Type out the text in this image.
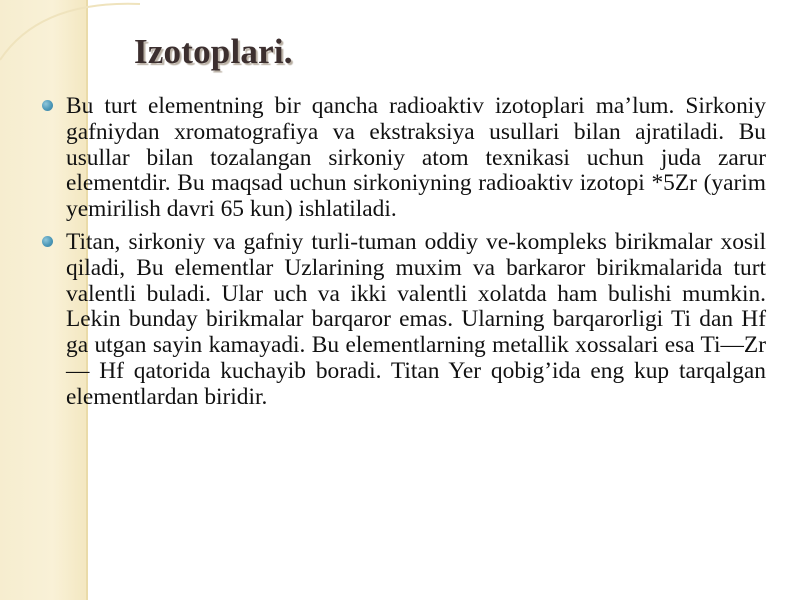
Izotoplari.

Bu turt elementning bir qancha radioaktiv izotoplari ma’lum. Sirkoniy gafniydan xromatografiya va ekstraksiya usullari bilan ajratiladi. Bu usullar bilan tozalangan sirkoniy atom texnikasi uchun juda zarur elementdir. Bu maqsad uchun sirkoniyning radioaktiv izotopi *5Zr (yarim yemirilish davri 65 kun) ishlatiladi.

Titan, sirkoniy va gafniy turli-tuman oddiy ve-kompleks birikmalar xosil qiladi, Bu elementlar Uzlarining muxim va barkaror birikmalarida turt valentli buladi. Ular uch va ikki valentli xolatda ham bulishi mumkin. Lekin bunday birikmalar barqaror emas. Ularning barqarorligi Ti dan Hf ga utgan sayin kamayadi. Bu elementlarning metallik xossalari esa Ti—Zr— Hf qatorida kuchayib boradi. Titan Yer qobig’ida eng kup tarqalgan elementlardan biridir.
